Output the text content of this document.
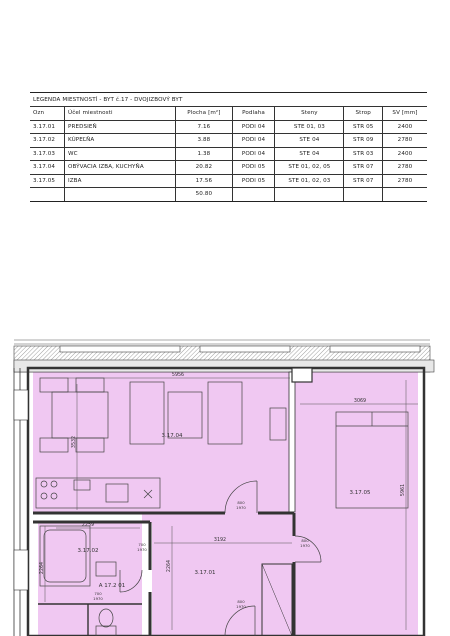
LEGENDA MIESTNOSTÍ - BYT č.17 - DVOJIZBOVÝ BYT						
Ozn	Účel miestnosti	Plocha [m²]	Podlaha	Steny	Strop	SV [mm]
3.17.01	PREDSIEŇ	7.16	PODl 04	STE 01, 03	STR 05	2400
3.17.02	KÚPEĽŇA	3.88	PODl 04	STE 04	STR 09	2780
3.17.03	WC	1.38	PODl 04	STE 04	STR 03	2400
3.17.04	OBÝVACIA IZBA, KUCHYŇA	20.82	PODl 05	STE 01, 02, 05	STR 07	2780
3.17.05	IZBA	17.56	PODl 05	STE 01, 02, 03	STR 07	2780
		50.80				
3.17.04
3.17.05
3.17.02
3.17.01
A 17.2 01
5956
3532
3069
5961
3192
2264
2259
2264
800
1970
800
1970
700
1970
700
1970
800
1970
